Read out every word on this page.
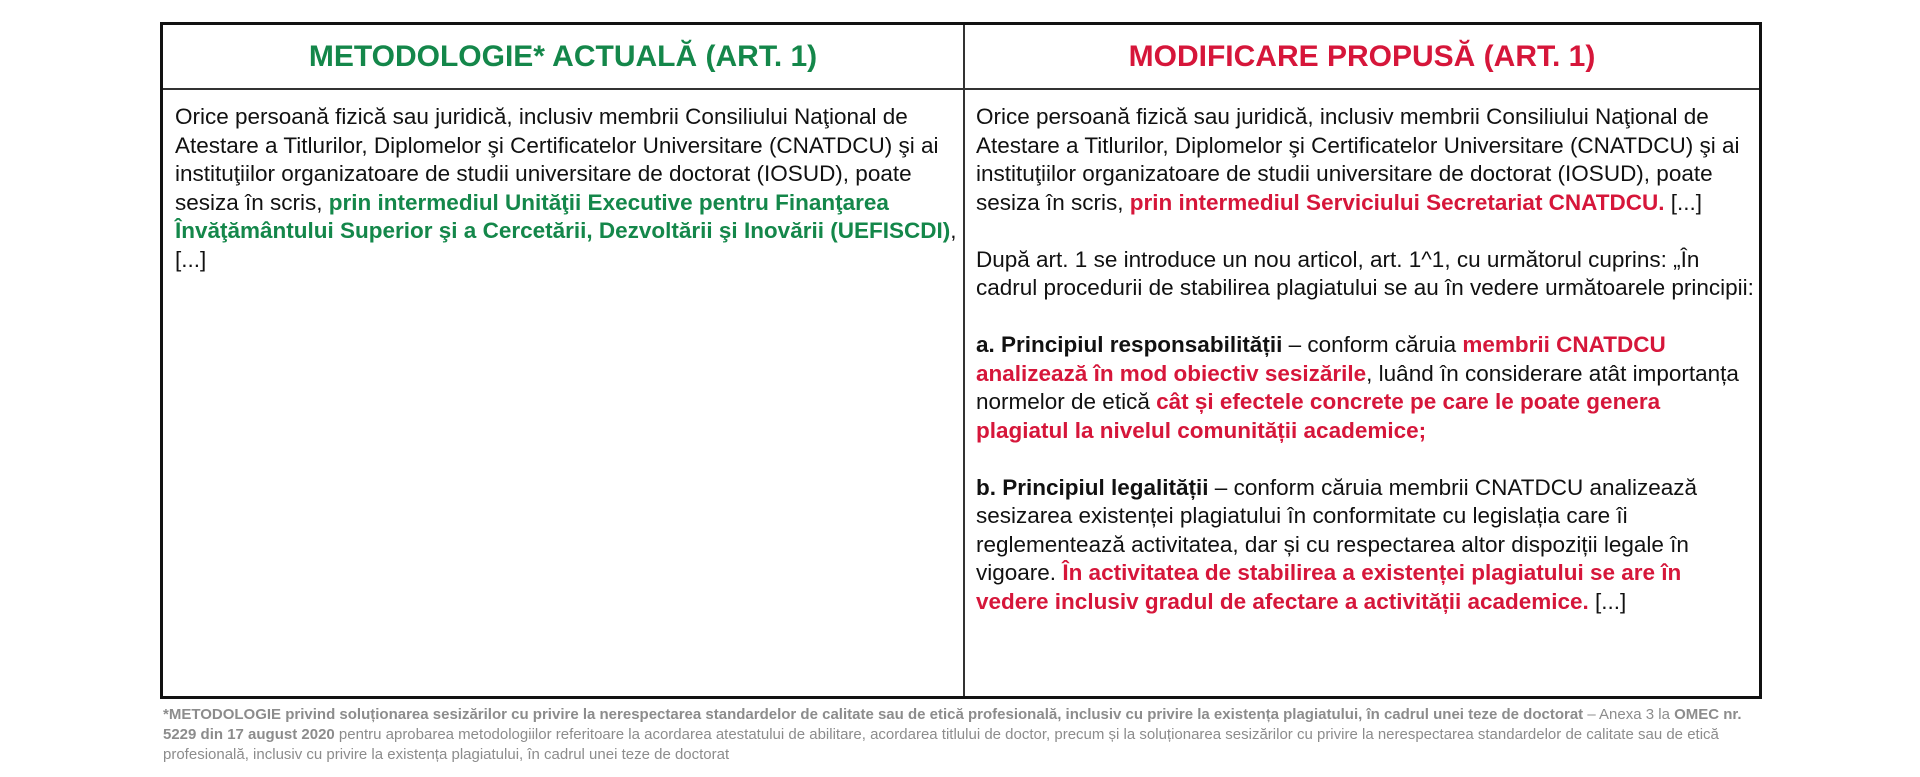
METODOLOGIE* ACTUALĂ (ART. 1)	MODIFICARE PROPUSĂ (ART. 1)

Orice persoană fizică sau juridică, inclusiv membrii Consiliului Naţional de Atestare a Titlurilor, Diplomelor şi Certificatelor Universitare (CNATDCU) şi ai instituţiilor organizatoare de studii universitare de doctorat (IOSUD), poate sesiza în scris, prin intermediul Unităţii Executive pentru Finanţarea Învăţământului Superior şi a Cercetării, Dezvoltării şi Inovării (UEFISCDI), [...]

Orice persoană fizică sau juridică, inclusiv membrii Consiliului Naţional de Atestare a Titlurilor, Diplomelor şi Certificatelor Universitare (CNATDCU) şi ai instituţiilor organizatoare de studii universitare de doctorat (IOSUD), poate sesiza în scris, prin intermediul Serviciului Secretariat CNATDCU. [...]

După art. 1 se introduce un nou articol, art. 1^1, cu următorul cuprins: „În cadrul procedurii de stabilirea plagiatului se au în vedere următoarele principii:

a. Principiul responsabilității – conform căruia membrii CNATDCU analizează în mod obiectiv sesizările, luând în considerare atât importanța normelor de etică cât și efectele concrete pe care le poate genera plagiatul la nivelul comunității academice;

b. Principiul legalității – conform căruia membrii CNATDCU analizează sesizarea existenței plagiatului în conformitate cu legislația care îi reglementează activitatea, dar și cu respectarea altor dispoziții legale în vigoare. În activitatea de stabilirea a existenței plagiatului se are în vedere inclusiv gradul de afectare a activității academice. [...]

*METODOLOGIE privind soluționarea sesizărilor cu privire la nerespectarea standardelor de calitate sau de etică profesională, inclusiv cu privire la existența plagiatului, în cadrul unei teze de doctorat – Anexa 3 la OMEC nr. 5229 din 17 august 2020 pentru aprobarea metodologiilor referitoare la acordarea atestatului de abilitare, acordarea titlului de doctor, precum și la soluționarea sesizărilor cu privire la nerespectarea standardelor de calitate sau de etică profesională, inclusiv cu privire la existența plagiatului, în cadrul unei teze de doctorat
